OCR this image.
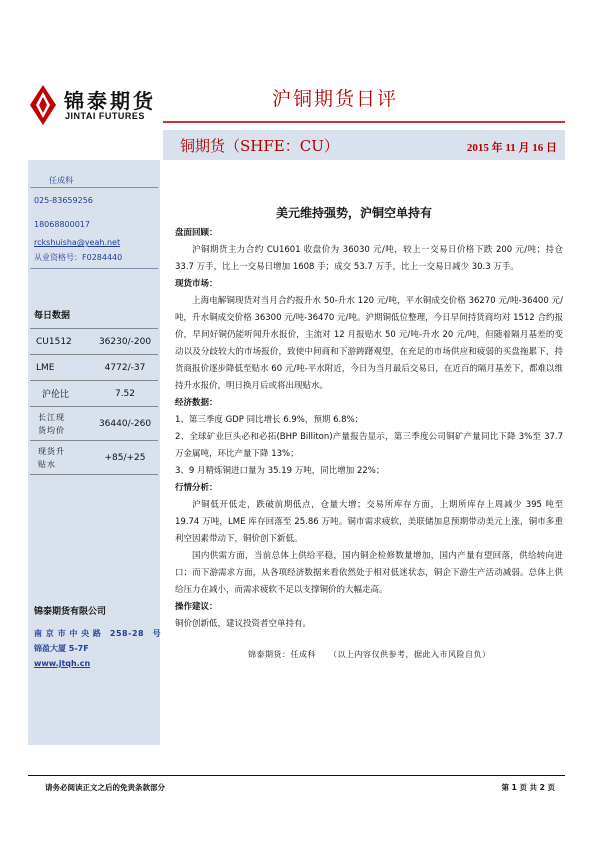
锦泰期货
JINTAI FUTURES
沪铜期货日评
铜期货（SHFE：CU）	2015 年 11 月 16 日
任成科
025-83659256
18068800017
rckshuisha@yeah.net
从业资格号：F0284440
每日数据
CU1512	36230/-200
LME	4772/-37
沪伦比	7.52
长江现
货均价	36440/-260
现货升
贴水	+85/+25
锦泰期货有限公司
南 京 市 中 央 路　258-28　号
锦盈大厦 5-7F
www.jtqh.cn
美元维持强势，沪铜空单持有
盘面回顾：

沪铜期货主力合约 CU1601 收盘价为 36030 元/吨，较上一交易日价格下跌 200 元/吨；持仓 33.7 万手，比上一交易日增加 1608 手；成交 53.7 万手，比上一交易日减少 30.3 万手。

现货市场：

上海电解铜现货对当月合约报升水 50-升水 120 元/吨，平水铜成交价格 36270 元/吨-36400 元/吨，升水铜成交价格 36300 元/吨-36470 元/吨。沪期铜低位整理，今日早间持货商均对 1512 合约报价，早间好铜仍能听闻升水报价，主流对 12 月报贴水 50 元/吨-升水 20 元/吨，但随着隔月基差的变动以及分歧较大的市场报价，致使中间商和下游踌躇观望，在充足的市场供应和疲弱的买盘拖累下，持货商报价逐步降低至贴水 60 元/吨-平水附近，今日为当月最后交易日，在近百的隔月基差下，都难以维持升水报价，明日换月后或将出现贴水。

经济数据：

1、第三季度 GDP 同比增长 6.9%，预期 6.8%；

2、全球矿业巨头必和必拓(BHP Billiton)产量报告显示，第三季度公司铜矿产量同比下降 3%至 37.7 万金属吨，环比产量下降 13%；

3、9 月精炼铜进口量为 35.19 万吨，同比增加 22%；

行情分析：

沪铜低开低走，跌破前期低点，仓量大增；交易所库存方面，上期所库存上周减少 395 吨至 19.74 万吨，LME 库存回落至 25.86 万吨。铜市需求疲软，美联储加息预期带动美元上涨，铜市多重利空因素带动下，铜价创下新低。

国内供需方面，当前总体上供给平稳，国内铜企检修数量增加，国内产量有望回落，供给转向进口；而下游需求方面，从各项经济数据来看依然处于相对低迷状态，铜企下游生产活动减弱。总体上供给压力在减小，而需求疲软不足以支撑铜价的大幅走高。

操作建议：

铜价创新低，建议投资者空单持有。

锦泰期货：任成科　　（以上内容仅供参考，据此入市风险自负）
请务必阅读正文之后的免责条款部分	第 1 页 共 2 页
